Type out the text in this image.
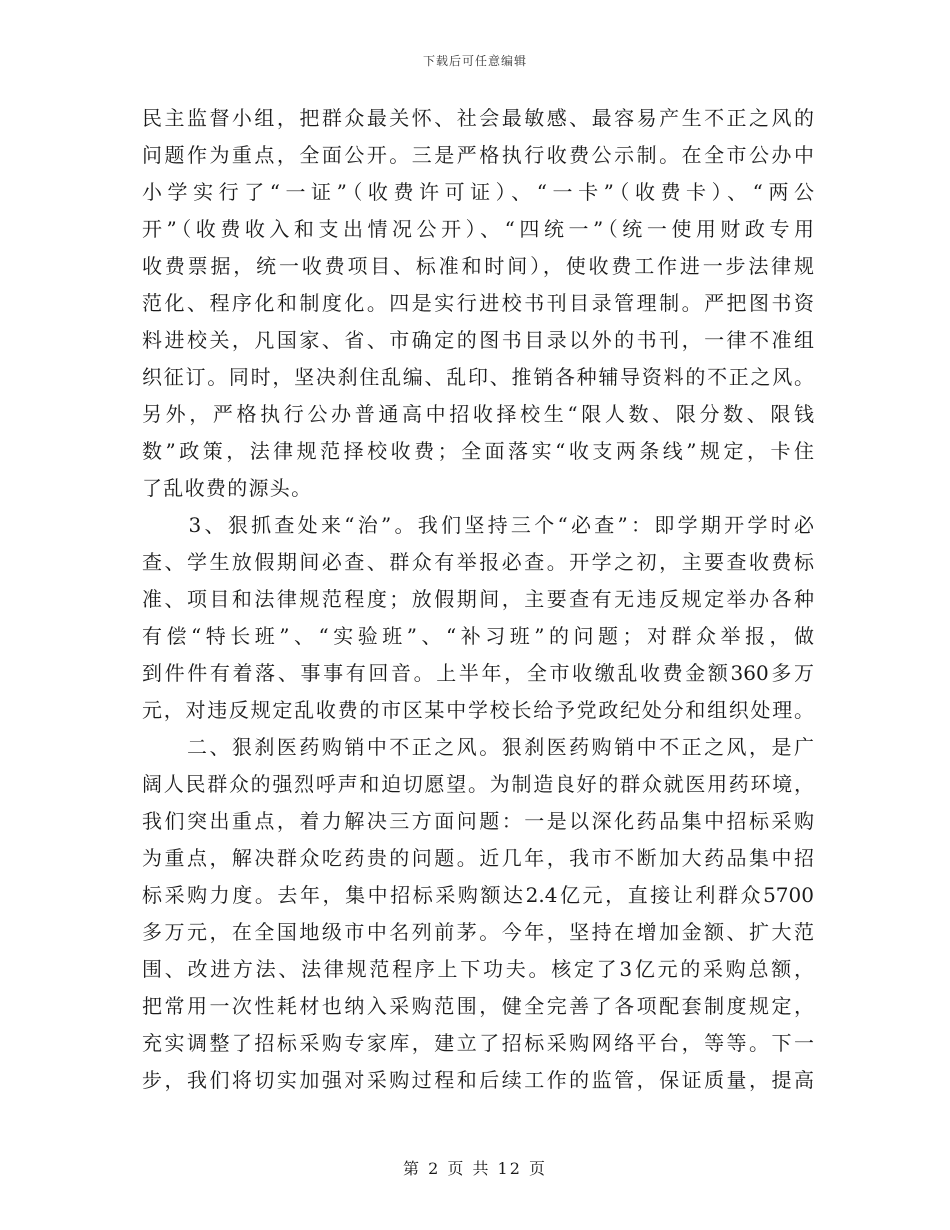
下载后可任意编辑
民主监督小组，把群众最关怀、社会最敏感、最容易产生不正之风的
问题作为重点，全面公开。三是严格执行收费公示制。在全市公办中
小学实行了“一证”（收费许可证）、“一卡”（收费卡）、“两公
开”（收费收入和支出情况公开）、“四统一”（统一使用财政专用
收费票据，统一收费项目、标准和时间），使收费工作进一步法律规
范化、程序化和制度化。四是实行进校书刊目录管理制。严把图书资
料进校关，凡国家、省、市确定的图书目录以外的书刊，一律不准组
织征订。同时，坚决刹住乱编、乱印、推销各种辅导资料的不正之风。
另外，严格执行公办普通高中招收择校生“限人数、限分数、限钱
数”政策，法律规范择校收费；全面落实“收支两条线”规定，卡住
了乱收费的源头。
　　3、狠抓查处来“治”。我们坚持三个“必查”：即学期开学时必
查、学生放假期间必查、群众有举报必查。开学之初，主要查收费标
准、项目和法律规范程度；放假期间，主要查有无违反规定举办各种
有偿“特长班”、“实验班”、“补习班”的问题；对群众举报，做
到件件有着落、事事有回音。上半年，全市收缴乱收费金额360多万
元，对违反规定乱收费的市区某中学校长给予党政纪处分和组织处理。
　　二、狠刹医药购销中不正之风。狠刹医药购销中不正之风，是广
阔人民群众的强烈呼声和迫切愿望。为制造良好的群众就医用药环境，
我们突出重点，着力解决三方面问题：一是以深化药品集中招标采购
为重点，解决群众吃药贵的问题。近几年，我市不断加大药品集中招
标采购力度。去年，集中招标采购额达2.4亿元，直接让利群众5700
多万元，在全国地级市中名列前茅。今年，坚持在增加金额、扩大范
围、改进方法、法律规范程序上下功夫。核定了3亿元的采购总额，
把常用一次性耗材也纳入采购范围，健全完善了各项配套制度规定，
充实调整了招标采购专家库，建立了招标采购网络平台，等等。下一
步，我们将切实加强对采购过程和后续工作的监管，保证质量，提高
第 2 页 共 12 页
